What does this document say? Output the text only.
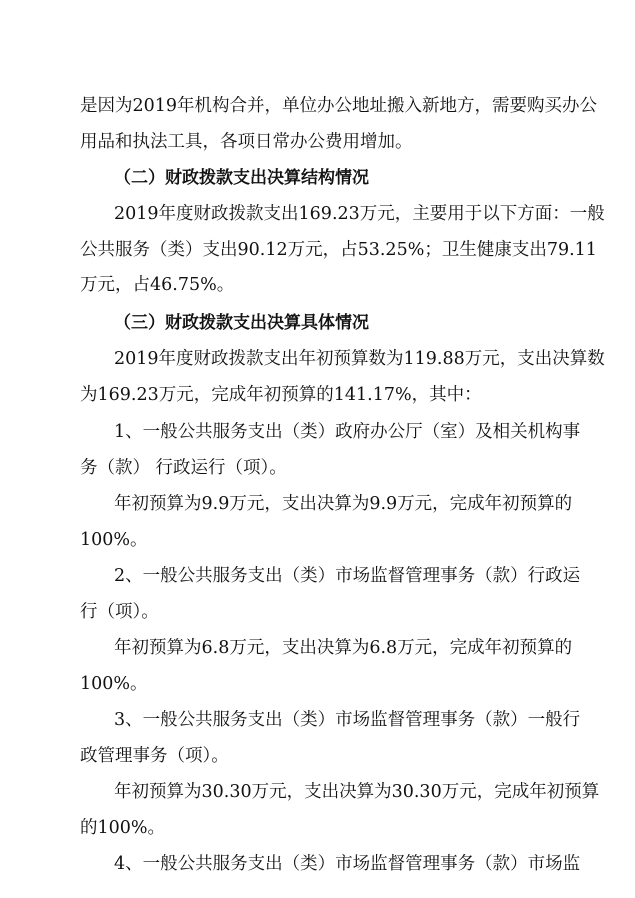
是因为2019年机构合并，单位办公地址搬入新地方，需要购买办公
用品和执法工具，各项日常办公费用增加。
（二）财政拨款支出决算结构情况
2019年度财政拨款支出169.23万元，主要用于以下方面：一般
公共服务（类）支出90.12万元，占53.25%；卫生健康支出79.11
万元，占46.75%。
（三）财政拨款支出决算具体情况
2019年度财政拨款支出年初预算数为119.88万元，支出决算数
为169.23万元，完成年初预算的141.17%，其中：
1、一般公共服务支出（类）政府办公厅（室）及相关机构事
务（款） 行政运行（项）。
年初预算为9.9万元，支出决算为9.9万元，完成年初预算的
100%。
2、一般公共服务支出（类）市场监督管理事务（款）行政运
行（项）。
年初预算为6.8万元，支出决算为6.8万元，完成年初预算的
100%。
3、一般公共服务支出（类）市场监督管理事务（款）一般行
政管理事务（项）。
年初预算为30.30万元，支出决算为30.30万元，完成年初预算
的100%。
4、一般公共服务支出（类）市场监督管理事务（款）市场监
